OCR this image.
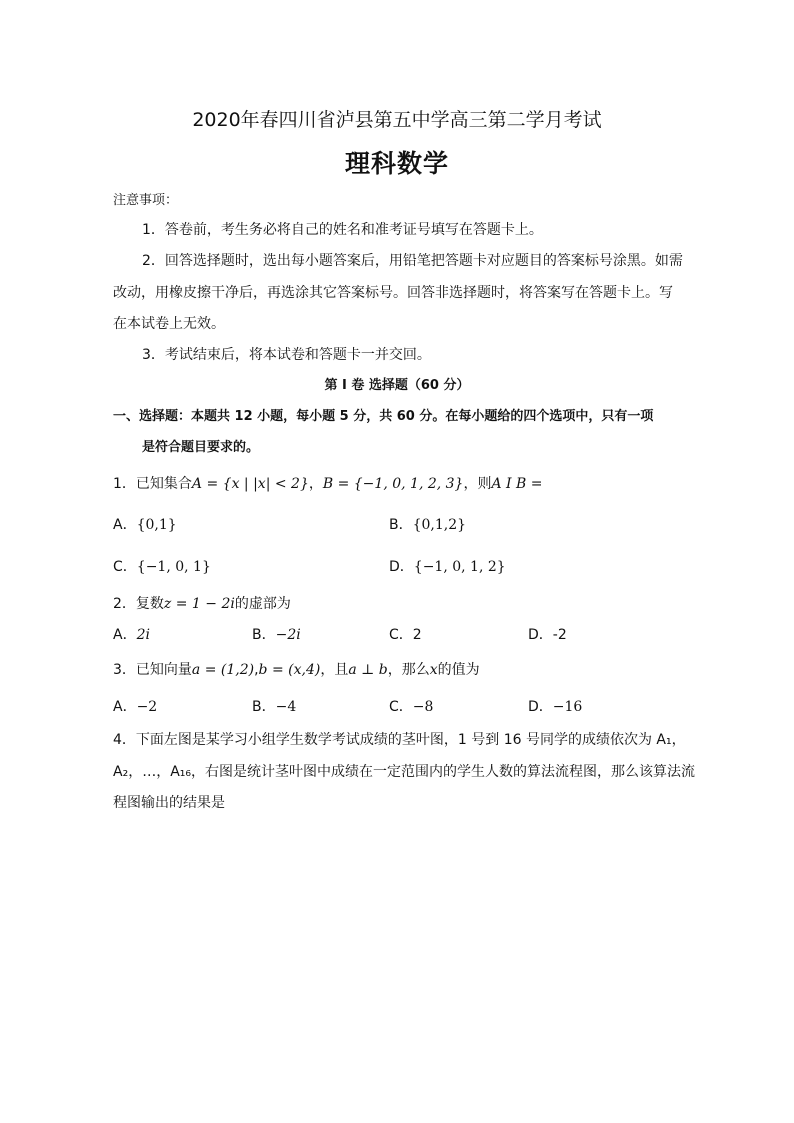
2020年春四川省泸县第五中学高三第二学月考试
理科数学
注意事项：
1．答卷前，考生务必将自己的姓名和准考证号填写在答题卡上。
2．回答选择题时，选出每小题答案后，用铅笔把答题卡对应题目的答案标号涂黑。如需
改动，用橡皮擦干净后，再选涂其它答案标号。回答非选择题时，将答案写在答题卡上。写
在本试卷上无效。
3．考试结束后，将本试卷和答题卡一并交回。
第 I 卷 选择题（60 分）
一、选择题：本题共 12 小题，每小题 5 分，共 60 分。在每小题给的四个选项中，只有一项
是符合题目要求的。
1．已知集合A = {x | |x| < 2}，B = {−1, 0, 1, 2, 3}，则A I B =
A．{0,1}	B．{0,1,2}
C．{−1, 0, 1}	D．{−1, 0, 1, 2}
2．复数z = 1 − 2i的虚部为
A．2i	B．−2i	C．2	D．-2
3．已知向量a = (1,2),b = (x,4)，且a ⊥ b，那么x的值为
A．−2	B．−4	C．−8	D．−16
4．下面左图是某学习小组学生数学考试成绩的茎叶图，1 号到 16 号同学的成绩依次为 A₁，
A₂，…，A₁₆，右图是统计茎叶图中成绩在一定范围内的学生人数的算法流程图，那么该算法流
程图输出的结果是
